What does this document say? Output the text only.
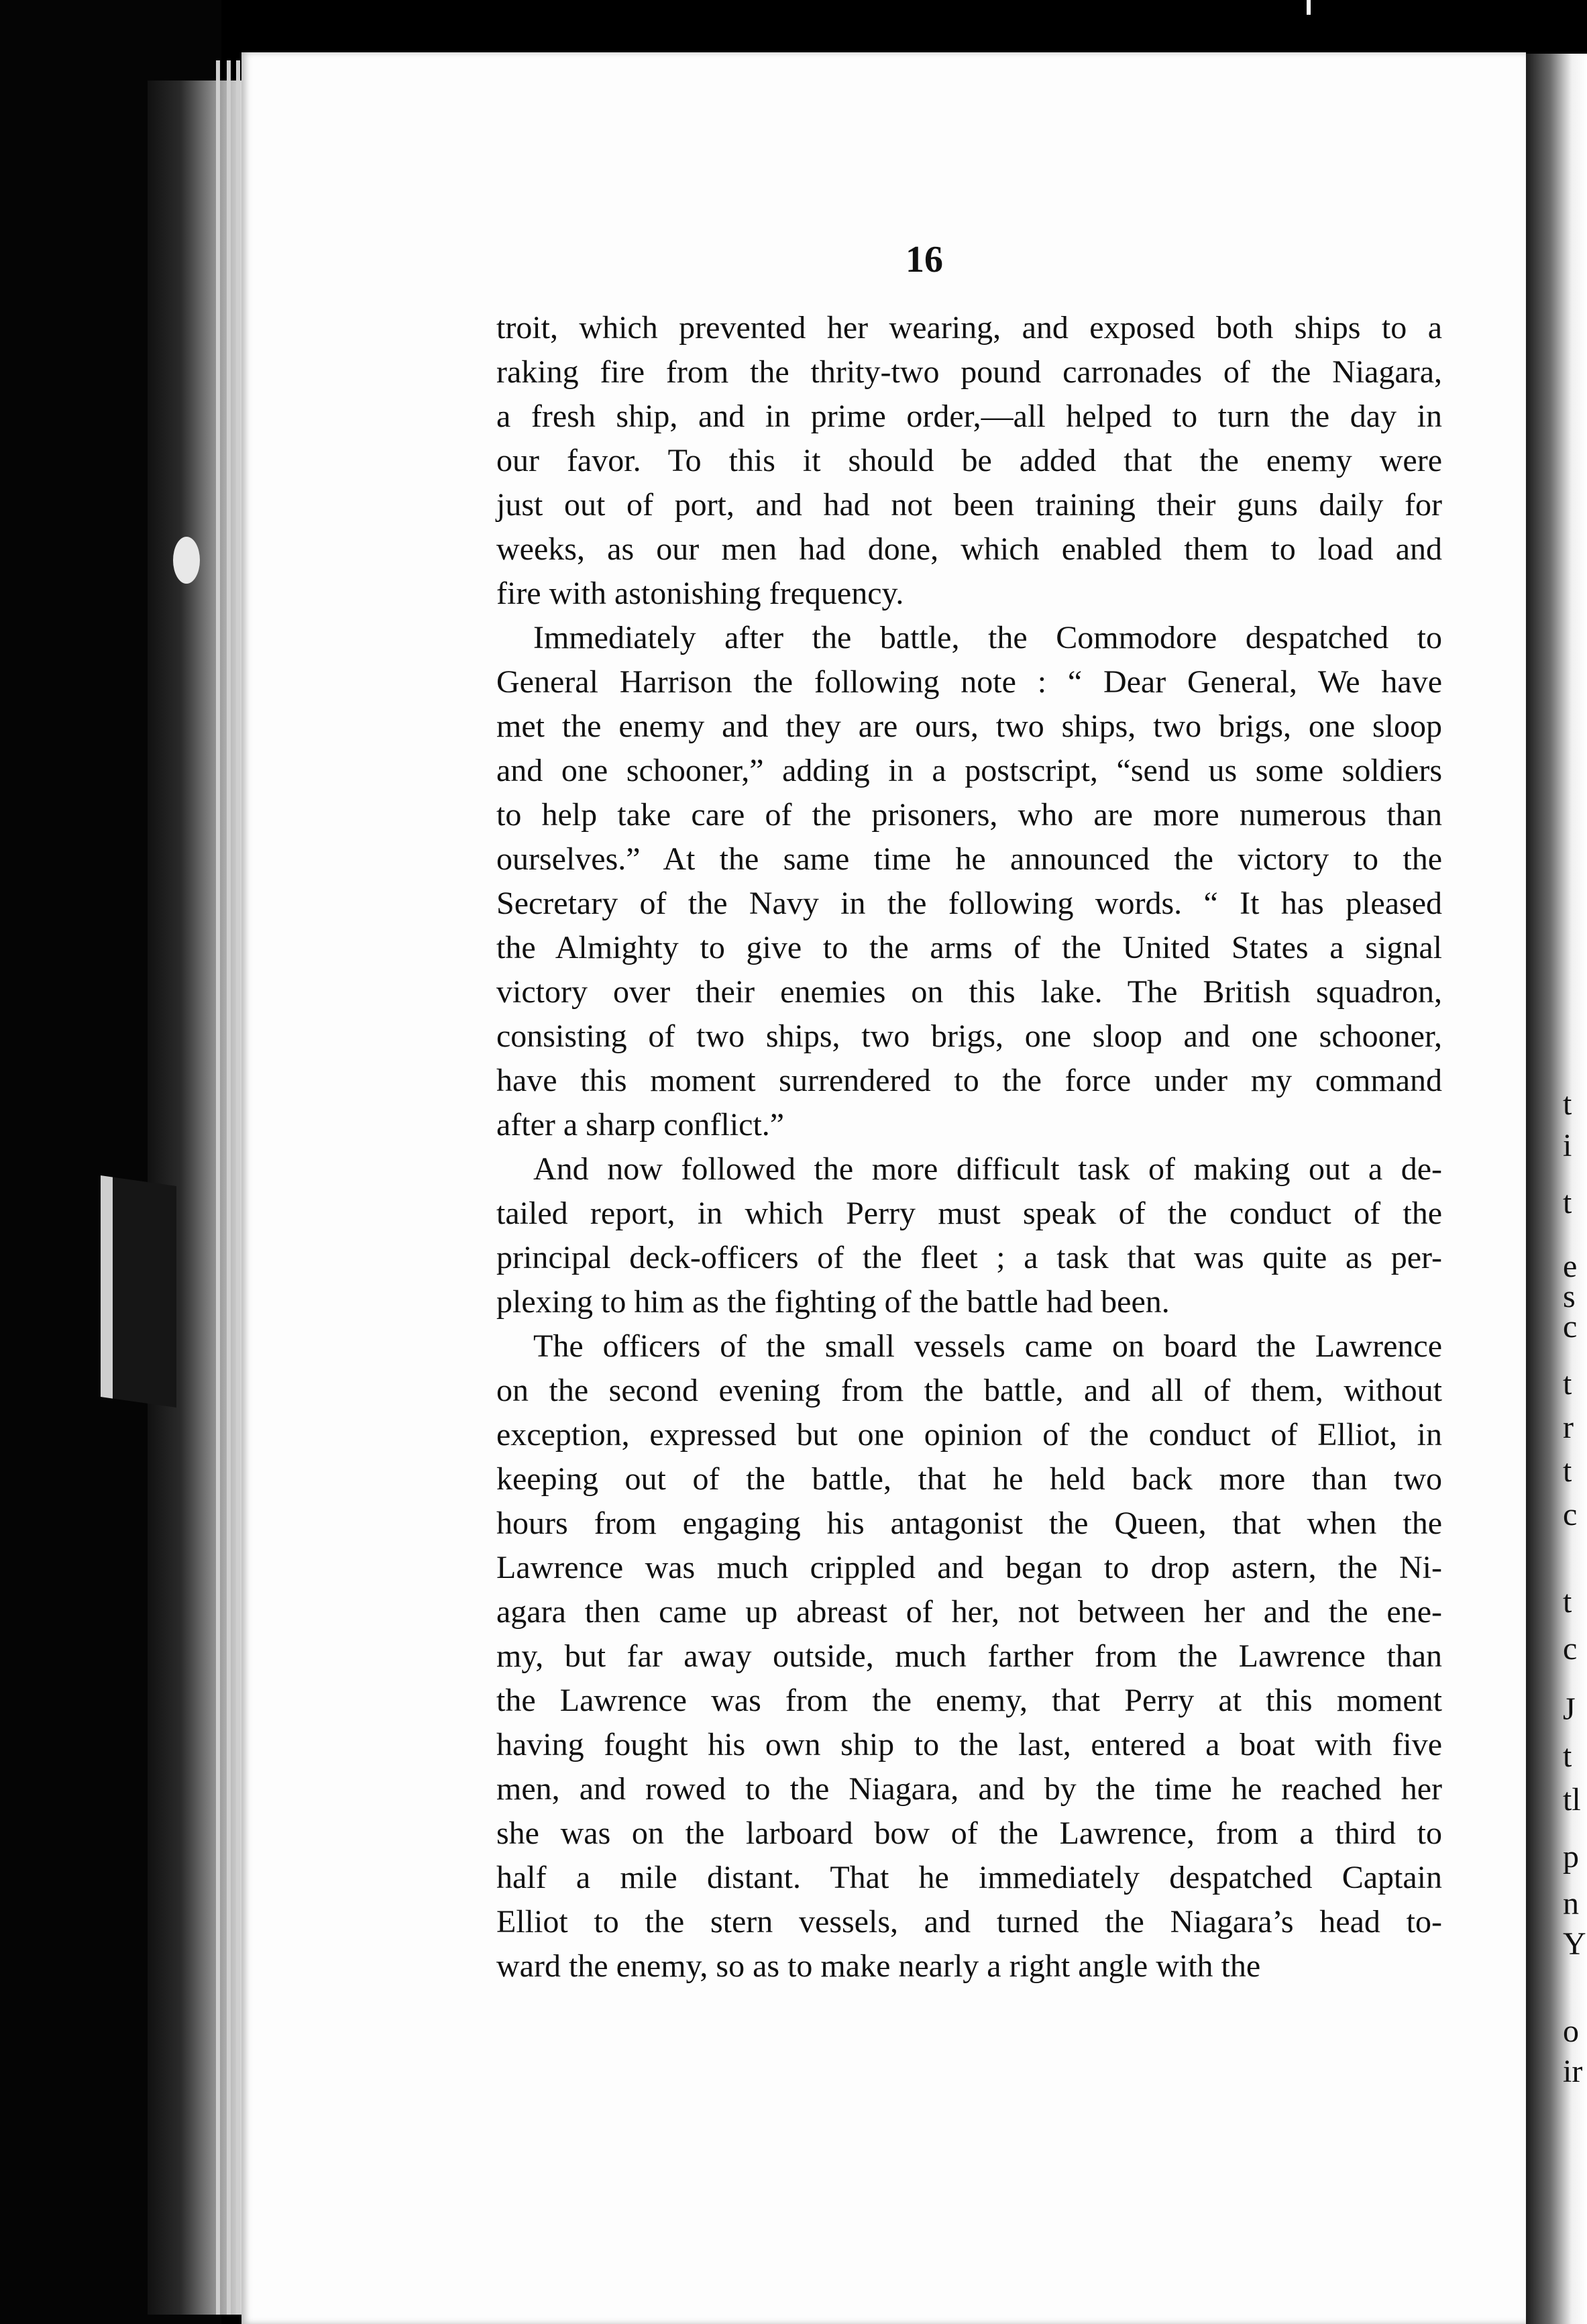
t
i
t
e
s
c
t
r
t
c
t
c
J
t
tl
p
n
Y
o
ir
16
troit, which prevented her wearing, and exposed both ships to a
raking fire from the thrity-two pound carronades of the Niagara,
a fresh ship, and in prime order,—all helped to turn the day in
our favor. To this it should be added that the enemy were
just out of port, and had not been training their guns daily for
weeks, as our men had done, which enabled them to load and
fire with astonishing frequency.
Immediately after the battle, the Commodore despatched to
General Harrison the following note : “ Dear General, We have
met the enemy and they are ours, two ships, two brigs, one sloop
and one schooner,” adding in a postscript, “send us some soldiers
to help take care of the prisoners, who are more numerous than
ourselves.” At the same time he announced the victory to the
Secretary of the Navy in the following words. “ It has pleased
the Almighty to give to the arms of the United States a signal
victory over their enemies on this lake. The British squadron,
consisting of two ships, two brigs, one sloop and one schooner,
have this moment surrendered to the force under my command
after a sharp conflict.”
And now followed the more difficult task of making out a de-
tailed report, in which Perry must speak of the conduct of the
principal deck-officers of the fleet ; a task that was quite as per-
plexing to him as the fighting of the battle had been.
The officers of the small vessels came on board the Lawrence
on the second evening from the battle, and all of them, without
exception, expressed but one opinion of the conduct of Elliot, in
keeping out of the battle, that he held back more than two
hours from engaging his antagonist the Queen, that when the
Lawrence was much crippled and began to drop astern, the Ni-
agara then came up abreast of her, not between her and the ene-
my, but far away outside, much farther from the Lawrence than
the Lawrence was from the enemy, that Perry at this moment
having fought his own ship to the last, entered a boat with five
men, and rowed to the Niagara, and by the time he reached her
she was on the larboard bow of the Lawrence, from a third to
half a mile distant. That he immediately despatched Captain
Elliot to the stern vessels, and turned the Niagara’s head to-
ward the enemy, so as to make nearly a right angle with the
